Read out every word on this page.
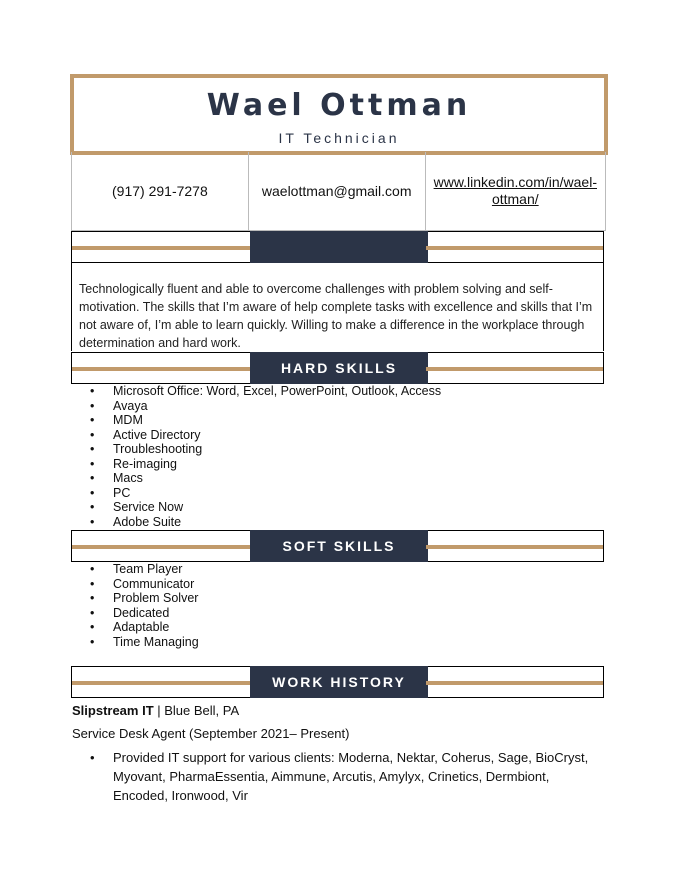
Wael Ottman
IT Technician
(917) 291-7278	waelottman@gmail.com
www.linkedin.com/in/wael-ottman/
Technologically fluent and able to overcome challenges with problem solving and self-motivation. The skills that I’m aware of help complete tasks with excellence and skills that I’m not aware of, I’m able to learn quickly. Willing to make a difference in the workplace through determination and hard work.
HARD SKILLS
• Microsoft Office: Word, Excel, PowerPoint, Outlook, Access
• Avaya
• MDM
• Active Directory
• Troubleshooting
• Re-imaging
• Macs
• PC
• Service Now
• Adobe Suite
SOFT SKILLS
• Team Player
• Communicator
• Problem Solver
• Dedicated
• Adaptable
• Time Managing
WORK HISTORY
Slipstream IT | Blue Bell, PA
Service Desk Agent (September 2021– Present)
• Provided IT support for various clients: Moderna, Nektar, Coherus, Sage, BioCryst, Myovant, PharmaEssentia, Aimmune, Arcutis, Amylyx, Crinetics, Dermbiont, Encoded, Ironwood, Vir
